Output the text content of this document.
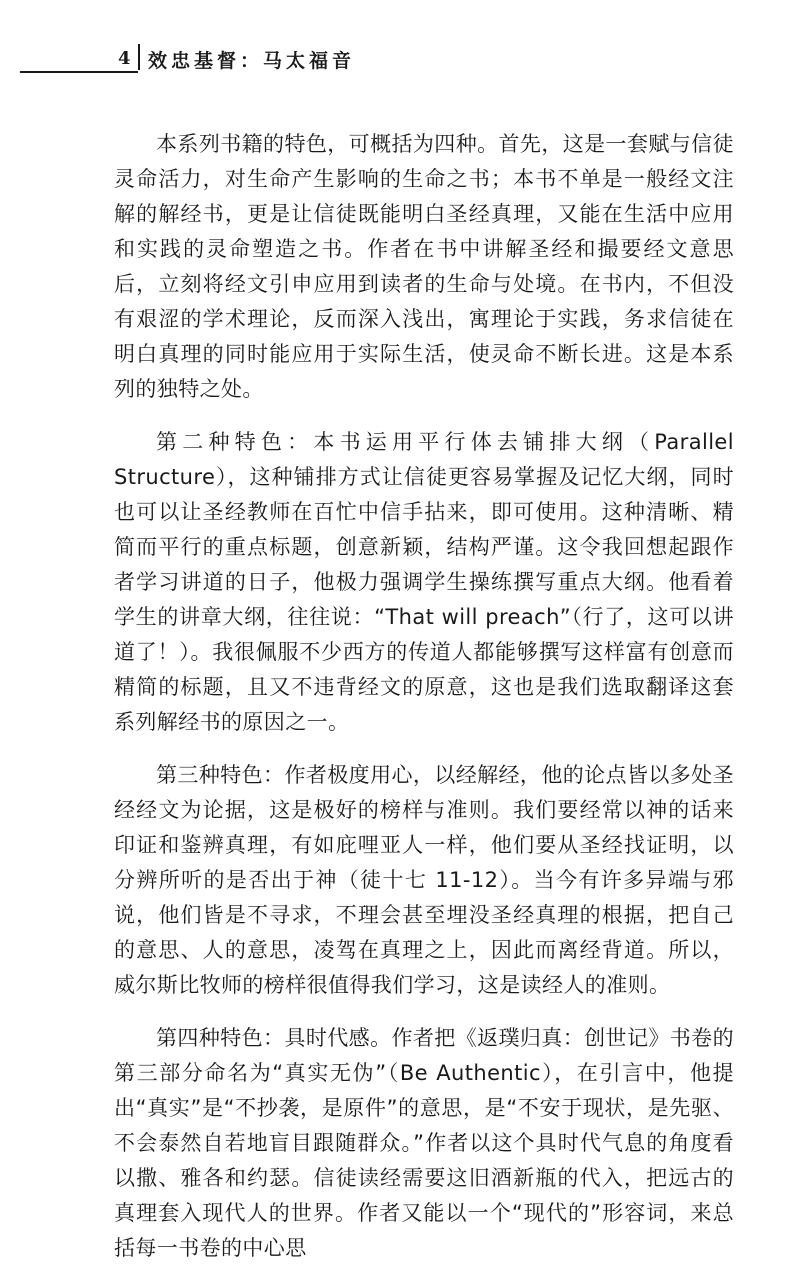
4 效忠基督：马太福音

本系列书籍的特色，可概括为四种。首先，这是一套赋与信徒灵命活力，对生命产生影响的生命之书；本书不单是一般经文注解的解经书，更是让信徒既能明白圣经真理，又能在生活中应用和实践的灵命塑造之书。作者在书中讲解圣经和撮要经文意思后，立刻将经文引申应用到读者的生命与处境。在书内，不但没有艰涩的学术理论，反而深入浅出，寓理论于实践，务求信徒在明白真理的同时能应用于实际生活，使灵命不断长进。这是本系列的独特之处。

第二种特色：本书运用平行体去铺排大纲（Parallel Structure），这种铺排方式让信徒更容易掌握及记忆大纲，同时也可以让圣经教师在百忙中信手拈来，即可使用。这种清晰、精简而平行的重点标题，创意新颖，结构严谨。这令我回想起跟作者学习讲道的日子，他极力强调学生操练撰写重点大纲。他看着学生的讲章大纲，往往说：“That will preach”（行了，这可以讲道了！）。我很佩服不少西方的传道人都能够撰写这样富有创意而精简的标题，且又不违背经文的原意，这也是我们选取翻译这套系列解经书的原因之一。

第三种特色：作者极度用心，以经解经，他的论点皆以多处圣经经文为论据，这是极好的榜样与准则。我们要经常以神的话来印证和鉴辨真理，有如庇哩亚人一样，他们要从圣经找证明，以分辨所听的是否出于神（徒十七 11-12）。当今有许多异端与邪说，他们皆是不寻求，不理会甚至埋没圣经真理的根据，把自己的意思、人的意思，凌驾在真理之上，因此而离经背道。所以，威尔斯比牧师的榜样很值得我们学习，这是读经人的准则。

第四种特色：具时代感。作者把《返璞归真：创世记》书卷的第三部分命名为“真实无伪”（Be Authentic），在引言中，他提出“真实”是“不抄袭，是原件”的意思，是“不安于现状，是先驱、不会泰然自若地盲目跟随群众。”作者以这个具时代气息的角度看以撒、雅各和约瑟。信徒读经需要这旧酒新瓶的代入，把远古的真理套入现代人的世界。作者又能以一个“现代的”形容词，来总括每一书卷的中心思
